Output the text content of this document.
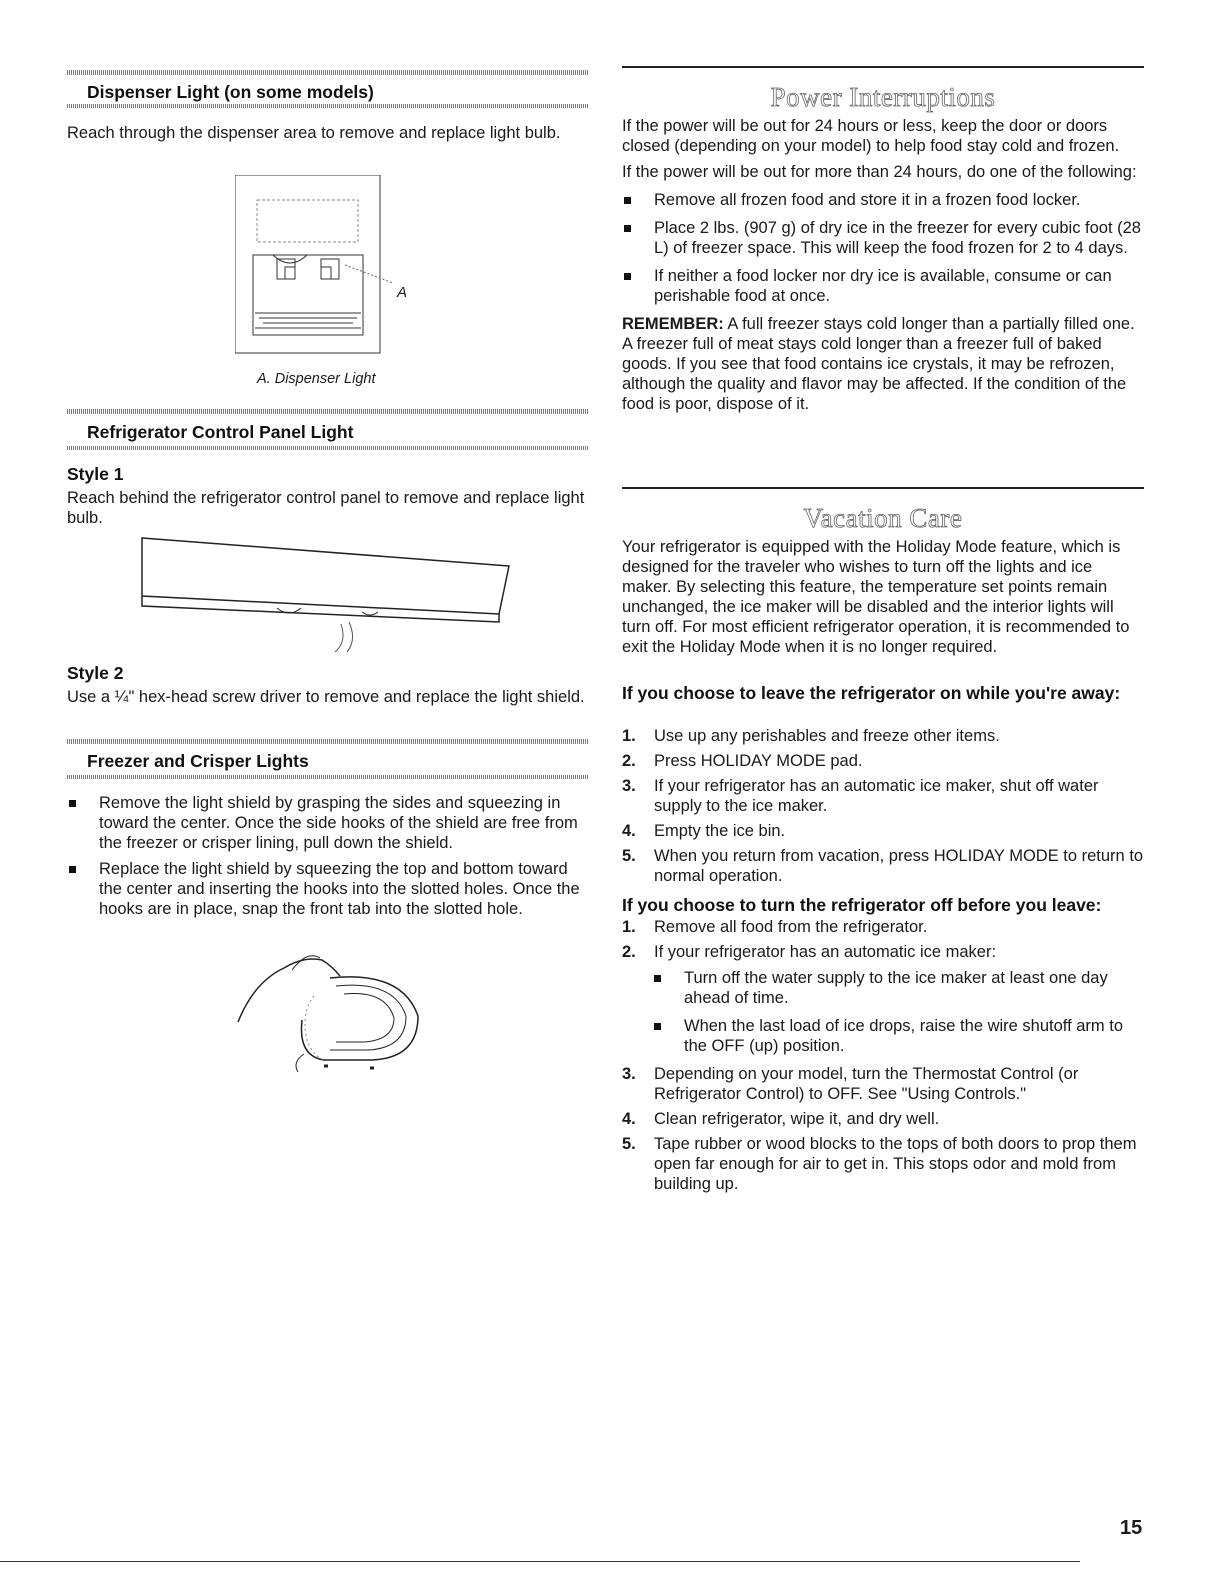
Dispenser Light (on some models)

Reach through the dispenser area to remove and replace light bulb.

A

A. Dispenser Light

Refrigerator Control Panel Light
Style 1

Reach behind the refrigerator control panel to remove and replace light bulb.

Style 2

Use a ¼" hex-head screw driver to remove and replace the light shield.

Freezer and Crisper Lights

Remove the light shield by grasping the sides and squeezing in toward the center. Once the side hooks of the shield are free from the freezer or crisper lining, pull down the shield.

Replace the light shield by squeezing the top and bottom toward the center and inserting the hooks into the slotted holes. Once the hooks are in place, snap the front tab into the slotted hole.

Power Interruptions

If the power will be out for 24 hours or less, keep the door or doors closed (depending on your model) to help food stay cold and frozen.

If the power will be out for more than 24 hours, do one of the following:

Remove all frozen food and store it in a frozen food locker.

Place 2 lbs. (907 g) of dry ice in the freezer for every cubic foot (28 L) of freezer space. This will keep the food frozen for 2 to 4 days.

If neither a food locker nor dry ice is available, consume or can perishable food at once.

REMEMBER: A full freezer stays cold longer than a partially filled one. A freezer full of meat stays cold longer than a freezer full of baked goods. If you see that food contains ice crystals, it may be refrozen, although the quality and flavor may be affected. If the condition of the food is poor, dispose of it.

Vacation Care

Your refrigerator is equipped with the Holiday Mode feature, which is designed for the traveler who wishes to turn off the lights and ice maker. By selecting this feature, the temperature set points remain unchanged, the ice maker will be disabled and the interior lights will turn off. For most efficient refrigerator operation, it is recommended to exit the Holiday Mode when it is no longer required.

If you choose to leave the refrigerator on while you're away:

1. Use up any perishables and freeze other items.

2. Press HOLIDAY MODE pad.

3. If your refrigerator has an automatic ice maker, shut off water supply to the ice maker.

4. Empty the ice bin.

5. When you return from vacation, press HOLIDAY MODE to return to normal operation.

If you choose to turn the refrigerator off before you leave:

1. Remove all food from the refrigerator.

2. If your refrigerator has an automatic ice maker:

Turn off the water supply to the ice maker at least one day ahead of time.

When the last load of ice drops, raise the wire shutoff arm to the OFF (up) position.

3. Depending on your model, turn the Thermostat Control (or Refrigerator Control) to OFF. See "Using Controls."

4. Clean refrigerator, wipe it, and dry well.

5. Tape rubber or wood blocks to the tops of both doors to prop them open far enough for air to get in. This stops odor and mold from building up.

15
